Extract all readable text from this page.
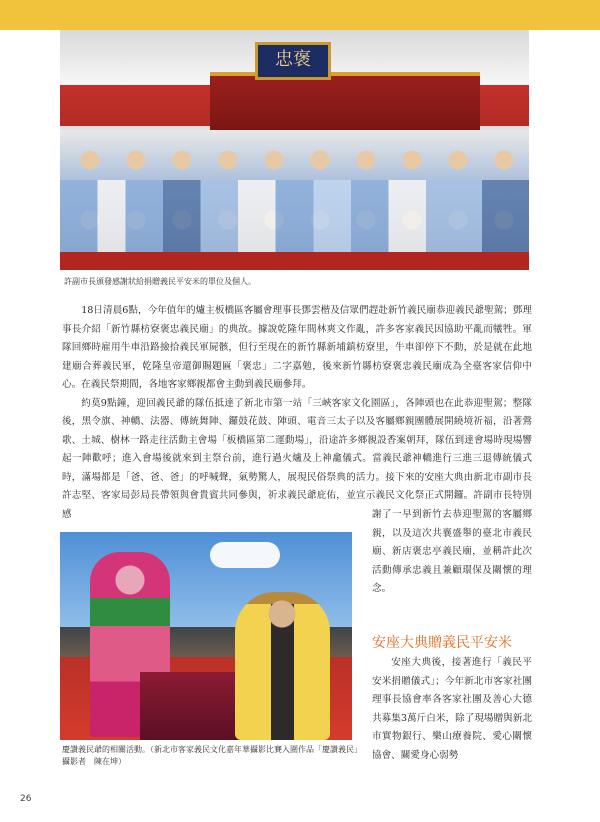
忠褒
許副市長頒發感謝狀給捐贈義民平安米的單位及個人。

18日清晨6點，今年值年的爐主板橋區客屬會理事長鄧雲楷及信眾們趕赴新竹義民廟恭迎義民爺聖駕；鄧理事長介紹「新竹縣枋寮褒忠義民廟」的典故。據說乾隆年間林爽文作亂，許多客家義民因協助平亂而犧牲。軍隊回鄉時雇用牛車沿路撿拾義民軍屍骸，但行至現在的新竹縣新埔鎮枋寮里，牛車卻停下不動，於是就在此地建廟合葬義民軍，乾隆皇帝還御賜題匾「褒忠」二字嘉勉，後來新竹縣枋寮褒忠義民廟成為全臺客家信仰中心。在義民祭期間，各地客家鄉親都會主動到義民廟參拜。

約莫9點鐘，迎回義民爺的隊伍抵達了新北市第一站「三峽客家文化園區」，各陣頭也在此恭迎聖駕；整隊後，黑令旗、神轎、法器、傳統舞陣、鑼鼓花鼓、陣頭、電音三太子以及客屬鄉親團體展開繞境祈福，沿著鶯歌、土城、樹林一路走往活動主會場「板橋區第二運動場」，沿途許多鄉親設香案朝拜，隊伍到達會場時現場響起一陣歡呼；進入會場後就來到主祭台前，進行過火爐及上神龕儀式。當義民爺神轎進行三進三退傳統儀式時，滿場都是「爸、爸、爸」的呼喊聲，氣勢驚人，展現民俗祭典的活力。接下來的安座大典由新北市副市長許志堅、客家局彭局長帶領與會貴賓共同參與，祈求義民爺庇佑，並宣示義民文化祭正式開鑼。許副市長特別感

慶讚義民爺的相關活動。（新北市客家義民文化嘉年華攝影比賽入圍作品「慶讚義民」攝影者　陳在坤）
謝了一早到新竹去恭迎聖駕的客屬鄉親，以及這次共襄盛舉的臺北市義民廟、新店褒忠亭義民廟，並稱許此次活動傳承忠義且兼顧環保及關懷的理念。
安座大典贈義民平安米

安座大典後，接著進行「義民平安米捐贈儀式」；今年新北市客家社團理事長協會率各客家社團及善心大德共募集3萬斤白米，除了現場贈與新北市實物銀行、樂山療養院、愛心關懷協會、關愛身心弱勢

26
